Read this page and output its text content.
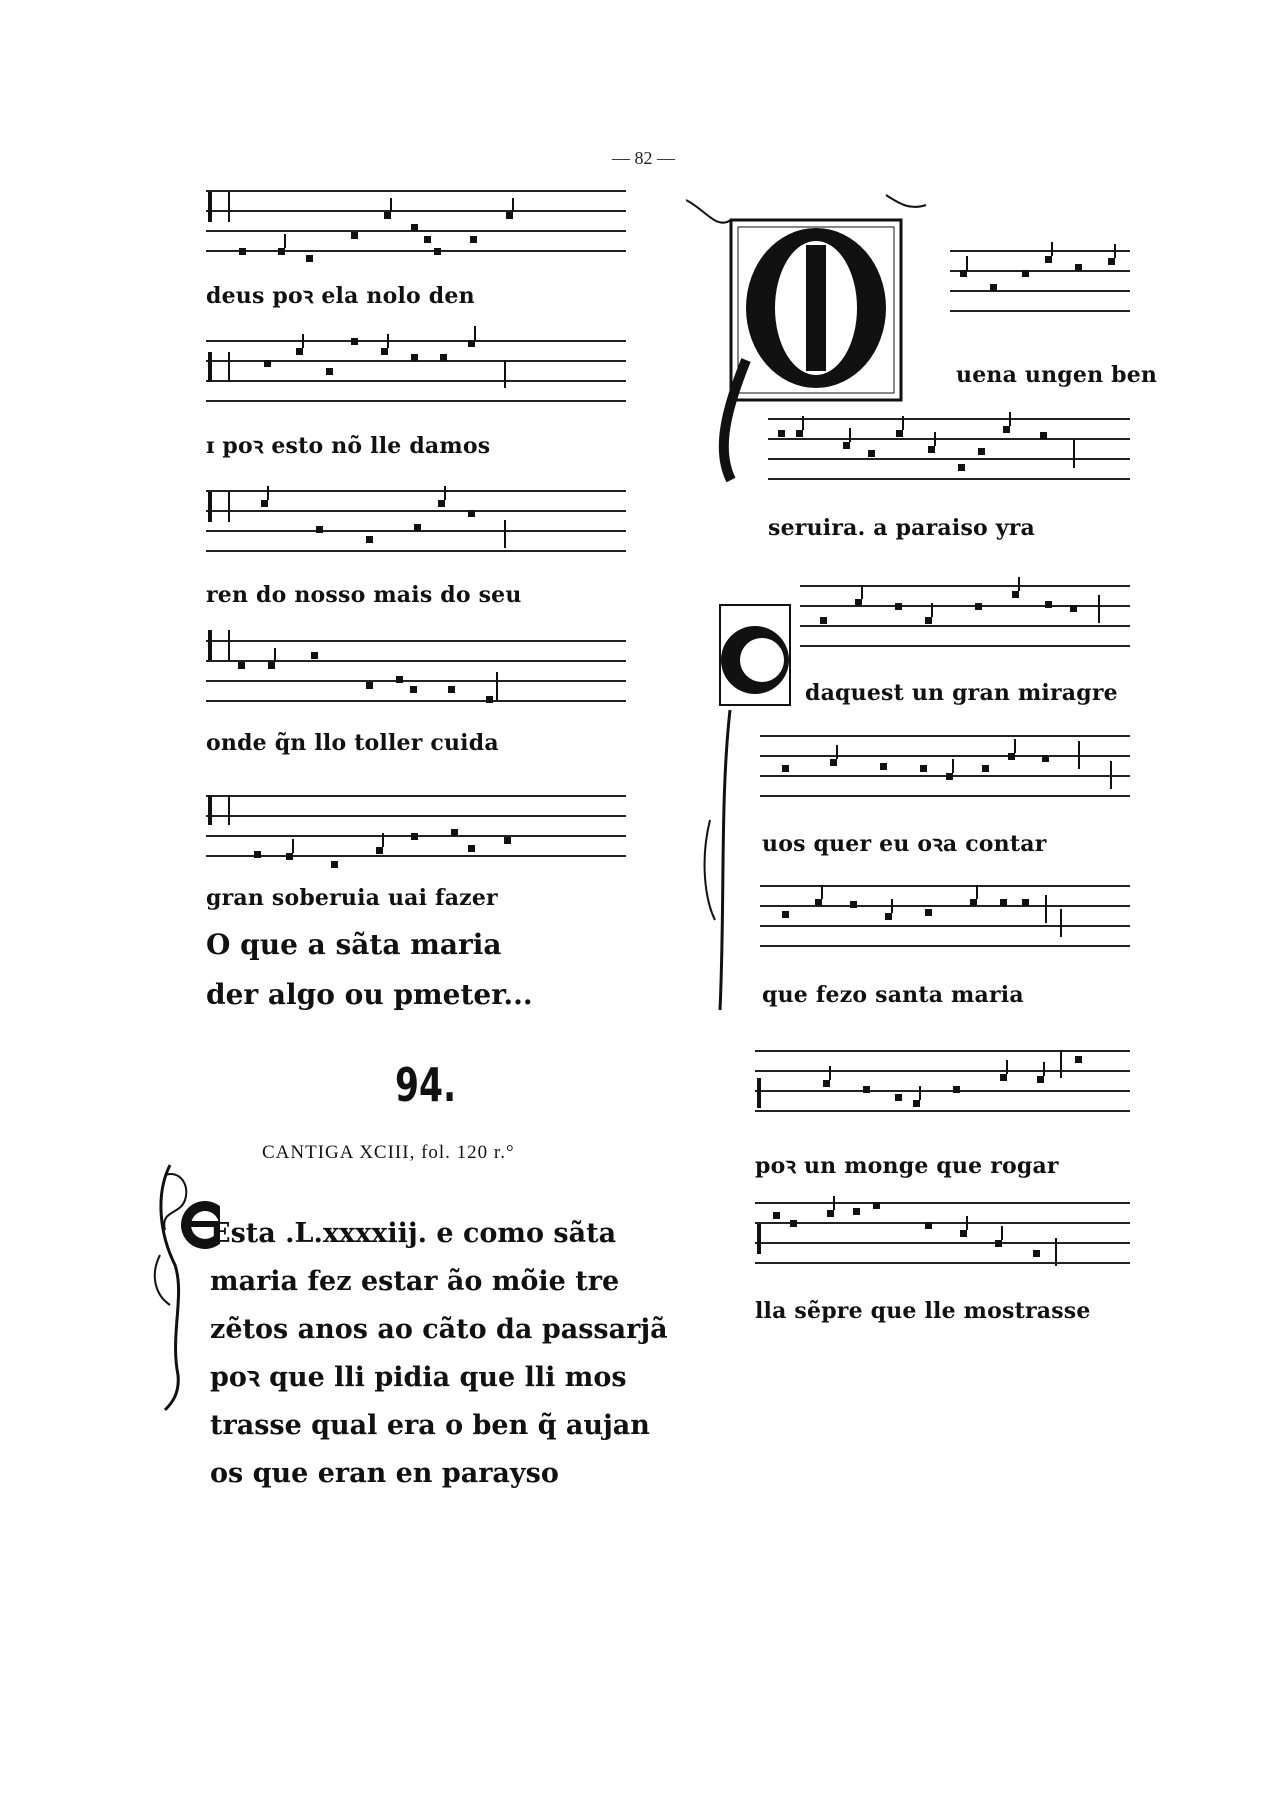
— 82 —
deus poꝛ ela nolo den
ɪ poꝛ esto nõ lle damos
ren do nosso mais do seu
onde q̃n llo toller cuida
gran soberuia uai fazer
O que a sãta maria
der algo ou pmeter...
94.
CANTIGA XCIII, fol. 120 r.°
Esta .L.xxxxiij. e como sãta
maria fez estar ão mõie tre
zẽtos anos ao cãto da passarjã
poꝛ que lli pidia que lli mos
trasse qual era o ben q̃ aujan
os que eran en parayso
uena ungen ben
seruira. a paraiso yra
daquest un gran miragre
uos quer eu oꝛa contar
que fezo santa maria
poꝛ un monge que rogar
lla sẽpre que lle mostrasse
